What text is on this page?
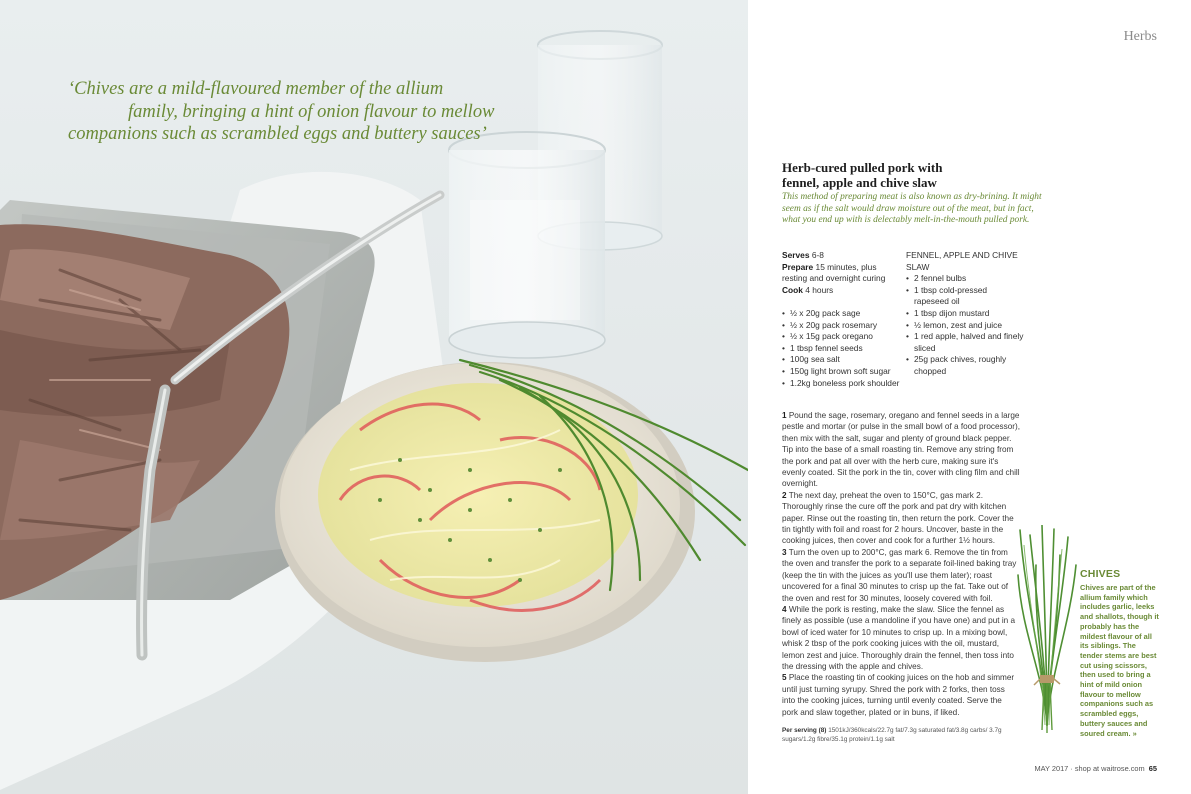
‘Chives are a mild-flavoured member of the allium
family, bringing a hint of onion flavour to mellow
companions such as scrambled eggs and buttery sauces’

Herbs
Herb-cured pulled pork with
fennel, apple and chive slaw

This method of preparing meat is also known as dry-brining. It might seem as if the salt would draw moisture out of the meat, but in fact, what you end up with is delectably melt-in-the-mouth pulled pork.

Serves 6-8
Prepare 15 minutes, plus resting and overnight curing
Cook 4 hours
• ½ x 20g pack sage
• ½ x 20g pack rosemary
• ½ x 15g pack oregano
• 1 tbsp fennel seeds
• 100g sea salt
• 150g light brown soft sugar
• 1.2kg boneless pork shoulder
FENNEL, APPLE AND CHIVE SLAW
• 2 fennel bulbs
• 1 tbsp cold-pressed rapeseed oil
• 1 tbsp dijon mustard
• ½ lemon, zest and juice
• 1 red apple, halved and finely sliced
• 25g pack chives, roughly chopped

1 Pound the sage, rosemary, oregano and fennel seeds in a large pestle and mortar (or pulse in the small bowl of a food processor), then mix with the salt, sugar and plenty of ground black pepper. Tip into the base of a small roasting tin. Remove any string from the pork and pat all over with the herb cure, making sure it's evenly coated. Sit the pork in the tin, cover with cling film and chill overnight.

2 The next day, preheat the oven to 150°C, gas mark 2. Thoroughly rinse the cure off the pork and pat dry with kitchen paper. Rinse out the roasting tin, then return the pork. Cover the tin tightly with foil and roast for 2 hours. Uncover, baste in the cooking juices, then cover and cook for a further 1½ hours.

3 Turn the oven up to 200°C, gas mark 6. Remove the tin from the oven and transfer the pork to a separate foil-lined baking tray (keep the tin with the juices as you'll use them later); roast uncovered for a final 30 minutes to crisp up the fat. Take out of the oven and rest for 30 minutes, loosely covered with foil.

4 While the pork is resting, make the slaw. Slice the fennel as finely as possible (use a mandoline if you have one) and put in a bowl of iced water for 10 minutes to crisp up. In a mixing bowl, whisk 2 tbsp of the pork cooking juices with the oil, mustard, lemon zest and juice. Thoroughly drain the fennel, then toss into the dressing with the apple and chives.

5 Place the roasting tin of cooking juices on the hob and simmer until just turning syrupy. Shred the pork with 2 forks, then toss into the cooking juices, turning until evenly coated. Serve the pork and slaw together, plated or in buns, if liked.

Per serving (8) 1501kJ/360kcals/22.7g fat/7.3g saturated fat/3.8g carbs/ 3.7g sugars/1.2g fibre/35.1g protein/1.1g salt

CHIVES

Chives are part of the allium family which includes garlic, leeks and shallots, though it probably has the mildest flavour of all its siblings. The tender stems are best cut using scissors, then used to bring a hint of mild onion flavour to mellow companions such as scrambled eggs, buttery sauces and soured cream. »

MAY 2017 · shop at waitrose.com 65
